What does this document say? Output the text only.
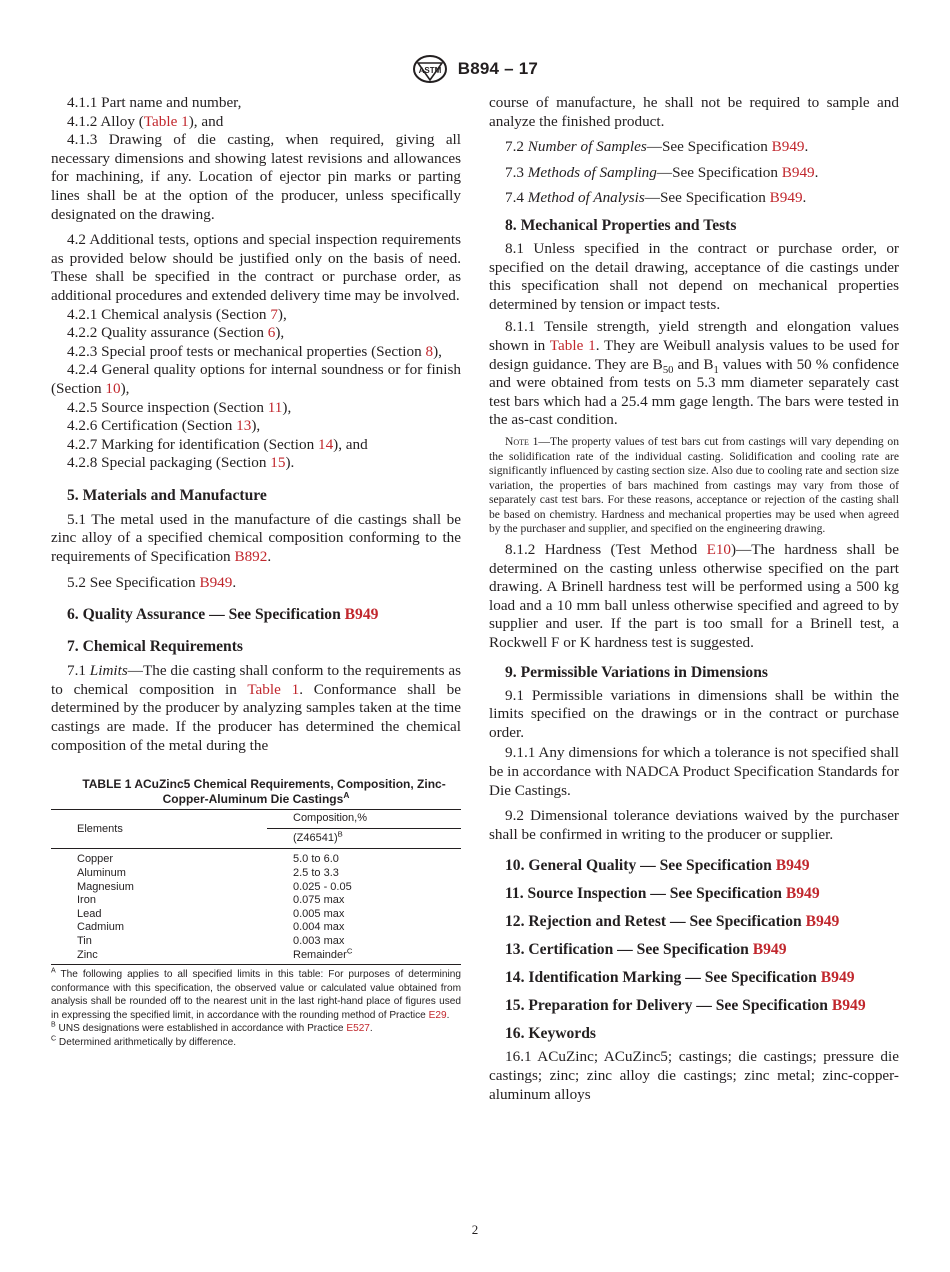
ASTM B894 – 17

4.1.1 Part name and number,

4.1.2 Alloy (Table 1), and

4.1.3 Drawing of die casting, when required, giving all necessary dimensions and showing latest revisions and allowances for machining, if any. Location of ejector pin marks or parting lines shall be at the option of the producer, unless specifically designated on the drawing.

4.2 Additional tests, options and special inspection requirements as provided below should be justified only on the basis of need. These shall be specified in the contract or purchase order, as additional procedures and extended delivery time may be involved.

4.2.1 Chemical analysis (Section 7),

4.2.2 Quality assurance (Section 6),

4.2.3 Special proof tests or mechanical properties (Section 8),

4.2.4 General quality options for internal soundness or for finish (Section 10),

4.2.5 Source inspection (Section 11),

4.2.6 Certification (Section 13),

4.2.7 Marking for identification (Section 14), and

4.2.8 Special packaging (Section 15).

5. Materials and Manufacture

5.1 The metal used in the manufacture of die castings shall be zinc alloy of a specified chemical composition conforming to the requirements of Specification B892.

5.2 See Specification B949.

6. Quality Assurance — See Specification B949

7. Chemical Requirements

7.1 Limits—The die casting shall conform to the requirements as to chemical composition in Table 1. Conformance shall be determined by the producer by analyzing samples taken at the time castings are made. If the producer has determined the chemical composition of the metal during the

TABLE 1 ACuZinc5 Chemical Requirements, Composition, Zinc-Copper-Aluminum Die Castings$^A$

Elements	Composition,%
	$(Z46541)^B$

Copper	5.0 to 6.0
Aluminum	2.5 to 3.3
Magnesium	0.025 - 0.05
Iron	0.075 max
Lead	0.005 max
Cadmium	0.004 max
Tin	0.003 max
Zinc	Remainder$^C$

$^A$ The following applies to all specified limits in this table: For purposes of determining conformance with this specification, the observed value or calculated value obtained from analysis shall be rounded off to the nearest unit in the last right-hand place of figures used in expressing the specified limit, in accordance with the rounding method of Practice E29.

$^B$ UNS designations were established in accordance with Practice E527.

$^C$ Determined arithmetically by difference.

course of manufacture, he shall not be required to sample and analyze the finished product.

7.2 Number of Samples—See Specification B949.

7.3 Methods of Sampling—See Specification B949.

7.4 Method of Analysis—See Specification B949.

8. Mechanical Properties and Tests

8.1 Unless specified in the contract or purchase order, or specified on the detail drawing, acceptance of die castings under this specification shall not depend on mechanical properties determined by tension or impact tests.

8.1.1 Tensile strength, yield strength and elongation values shown in Table 1. They are Weibull analysis values to be used for design guidance. They are $B_{50}$ and $B_1$ values with 50 % confidence and were obtained from tests on 5.3 mm diameter separately cast test bars which had a 25.4 mm gage length. The bars were tested in the as-cast condition.

Note 1—The property values of test bars cut from castings will vary depending on the solidification rate of the individual casting. Solidification and cooling rate are significantly influenced by casting section size. Also due to cooling rate and section size variation, the properties of bars machined from castings may vary from those of separately cast test bars. For these reasons, acceptance or rejection of the casting shall be based on chemistry. Hardness and mechanical properties may be used when agreed by the purchaser and supplier, and specified on the engineering drawing.

8.1.2 Hardness (Test Method E10)—The hardness shall be determined on the casting unless otherwise specified on the part drawing. A Brinell hardness test will be performed using a 500 kg load and a 10 mm ball unless otherwise specified and agreed to by supplier and user. If the part is too small for a Brinell test, a Rockwell F or K hardness test is suggested.

9. Permissible Variations in Dimensions

9.1 Permissible variations in dimensions shall be within the limits specified on the drawings or in the contract or purchase order.

9.1.1 Any dimensions for which a tolerance is not specified shall be in accordance with NADCA Product Specification Standards for Die Castings.

9.2 Dimensional tolerance deviations waived by the purchaser shall be confirmed in writing to the producer or supplier.

10. General Quality — See Specification B949

11. Source Inspection — See Specification B949

12. Rejection and Retest — See Specification B949

13. Certification — See Specification B949

14. Identification Marking — See Specification B949

15. Preparation for Delivery — See Specification B949

16. Keywords

16.1 ACuZinc; ACuZinc5; castings; die castings; pressure die castings; zinc; zinc alloy die castings; zinc metal; zinc-copper-aluminum alloys

2
